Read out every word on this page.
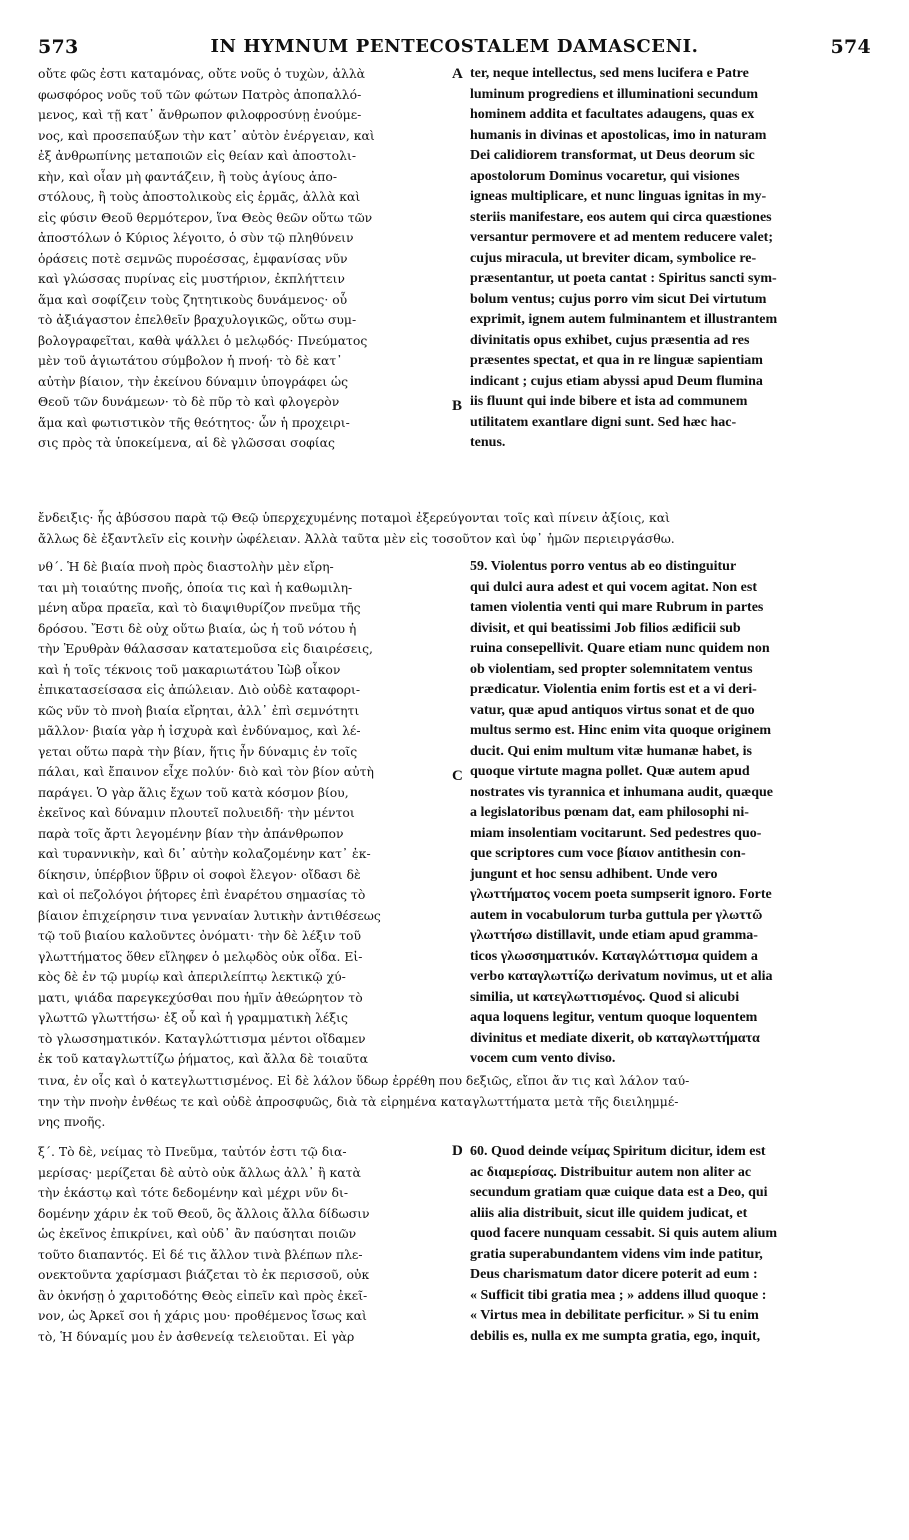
573	IN HYMNUM PENTECOSTALEM DAMASCENI.	574
οὔτε φῶς ἐστι καταμόνας, οὔτε νοῦς ὁ τυχὼν, ἀλλὰ
φωσφόρος νοῦς τοῦ τῶν φώτων Πατρὸς ἀποπαλλό-
μενος, καὶ τῇ κατ᾽ ἄνθρωπον φιλοφροσύνῃ ἐνούμε-
νος, καὶ προσεπαύξων τὴν κατ᾽ αὐτὸν ἐνέργειαν, καὶ
ἐξ ἀνθρωπίνης μεταποιῶν εἰς θείαν καὶ ἀποστολι-
κὴν, καὶ οἷαν μὴ φαντάζειν, ἢ τοὺς ἁγίους ἀπο-
στόλους, ἢ τοὺς ἀποστολικοὺς εἰς ἑρμᾶς, ἀλλὰ καὶ
εἰς φύσιν Θεοῦ θερμότερον, ἵνα Θεὸς θεῶν οὕτω τῶν
ἀποστόλων ὁ Κύριος λέγοιτο, ὁ σὺν τῷ πληθύνειν
ὁράσεις ποτὲ σεμνῶς πυροέσσας, ἐμφανίσας νῦν
καὶ γλώσσας πυρίνας εἰς μυστήριον, ἐκπλήττειν
ἅμα καὶ σοφίζειν τοὺς ζητητικοὺς δυνάμενος· οὗ
τὸ ἀξιάγαστον ἐπελθεῖν βραχυλογικῶς, οὕτω συμ-
βολογραφεῖται, καθὰ ψάλλει ὁ μελῳδός· Πνεύματος
μὲν τοῦ ἁγιωτάτου σύμβολον ἡ πνοή· τὸ δὲ κατ᾽
αὐτὴν βίαιον, τὴν ἐκείνου δύναμιν ὑπογράφει ὡς
Θεοῦ τῶν δυνάμεων· τὸ δὲ πῦρ τὸ καὶ φλογερὸν
ἅμα καὶ φωτιστικὸν τῆς θεότητος· ὧν ἡ προχειρι-
σις πρὸς τὰ ὑποκείμενα, αἱ δὲ γλῶσσαι σοφίας
ter, neque intellectus, sed mens lucifera e Patre
luminum progrediens et illuminationi secundum
hominem addita et facultates adaugens, quas ex
humanis in divinas et apostolicas, imo in naturam
Dei calidiorem transformat, ut Deus deorum sic
apostolorum Dominus vocaretur, qui visiones
igneas multiplicare, et nunc linguas ignitas in my-
steriis manifestare, eos autem qui circa quæstiones
versantur permovere et ad mentem reducere valet;
cujus miracula, ut breviter dicam, symbolice re-
præsentantur, ut poeta cantat : Spiritus sancti sym-
bolum ventus; cujus porro vim sicut Dei virtutum
exprimit, ignem autem fulminantem et illustrantem
divinitatis opus exhibet, cujus præsentia ad res
præsentes spectat, et qua in re linguæ sapientiam
indicant ; cujus etiam abyssi apud Deum flumina
iis fluunt qui inde bibere et ista ad communem
utilitatem exantlare digni sunt. Sed hæc hac-
tenus.
ἔνδειξις· ἧς ἀβύσσου παρὰ τῷ Θεῷ ὑπερχεχυμένης ποταμοὶ ἐξερεύγονται τοῖς καὶ πίνειν ἀξίοις, καὶ
ἄλλως δὲ ἐξαντλεῖν εἰς κοινὴν ὠφέλειαν. Ἀλλὰ ταῦτα μὲν εἰς τοσοῦτον καὶ ὑφ᾽ ἡμῶν περιειργάσθω.
νθ΄. Ἡ δὲ βιαία πνοὴ πρὸς διαστολὴν μὲν εἴρη-
ται μὴ τοιαύτης πνοῆς, ὁποία τις καὶ ἡ καθωμιλη-
μένη αὔρα πραεῖα, καὶ τὸ διαψιθυρίζον πνεῦμα τῆς
δρόσου. Ἔστι δὲ οὐχ οὕτω βιαία, ὡς ἡ τοῦ νότου ἡ
τὴν Ἐρυθρὰν θάλασσαν κατατεμοῦσα εἰς διαιρέσεις,
καὶ ἡ τοῖς τέκνοις τοῦ μακαριωτάτου Ἰὼβ οἶκον
ἐπικατασείσασα εἰς ἀπώλειαν. Διὸ οὐδὲ καταφορι-
κῶς νῦν τὸ πνοὴ βιαία εἴρηται, ἀλλ᾽ ἐπὶ σεμνότητι
μᾶλλον· βιαία γὰρ ἡ ἰσχυρὰ καὶ ἐνδύναμος, καὶ λέ-
γεται οὕτω παρὰ τὴν βίαν, ἥτις ἦν δύναμις ἐν τοῖς
πάλαι, καὶ ἔπαινον εἶχε πολύν· διὸ καὶ τὸν βίον αὐτὴ
παράγει. Ὁ γὰρ ἅλις ἔχων τοῦ κατὰ κόσμον βίου,
ἐκεῖνος καὶ δύναμιν πλουτεῖ πολυειδῆ· τὴν μέντοι
παρὰ τοῖς ἄρτι λεγομένην βίαν τὴν ἀπάνθρωπον
καὶ τυραννικὴν, καὶ δι᾽ αὐτὴν κολαζομένην κατ᾽ ἐκ-
δίκησιν, ὑπέρβιον ὕβριν οἱ σοφοὶ ἔλεγον· οἴδασι δὲ
καὶ οἱ πεζολόγοι ῥήτορες ἐπὶ ἐναρέτου σημασίας τὸ
βίαιον ἐπιχείρησιν τινα γενναίαν λυτικὴν ἀντιθέσεως
τῷ τοῦ βιαίου καλοῦντες ὀνόματι· τὴν δὲ λέξιν τοῦ
γλωττήματος ὅθεν εἴληφεν ὁ μελῳδὸς οὐκ οἶδα. Εἰ-
κὸς δὲ ἐν τῷ μυρίῳ καὶ ἀπεριλείπτῳ λεκτικῷ χύ-
ματι, ψιάδα παρεγκεχύσθαι που ἡμῖν ἀθεώρητον τὸ
γλωττῶ γλωττήσω· ἐξ οὗ καὶ ἡ γραμματικὴ λέξις
τὸ γλωσσηματικόν. Καταγλώττισμα μέντοι οἴδαμεν
ἐκ τοῦ καταγλωττίζω ῥήματος, καὶ ἄλλα δὲ τοιαῦτα
59. Violentus porro ventus ab eo distinguitur
qui dulci aura adest et qui vocem agitat. Non est
tamen violentia venti qui mare Rubrum in partes
divisit, et qui beatissimi Job filios ædificii sub
ruina consepellivit. Quare etiam nunc quidem non
ob violentiam, sed propter solemnitatem ventus
prædicatur. Violentia enim fortis est et a vi deri-
vatur, quæ apud antiquos virtus sonat et de quo
multus sermo est. Hinc enim vita quoque originem
ducit. Qui enim multum vitæ humanæ habet, is
quoque virtute magna pollet. Quæ autem apud
nostrates vis tyrannica et inhumana audit, quæque
a legislatoribus pœnam dat, eam philosophi ni-
miam insolentiam vocitarunt. Sed pedestres quo-
que scriptores cum voce βίαιον antithesin con-
jungunt et hoc sensu adhibent. Unde vero
γλωττήματος vocem poeta sumpserit ignoro. Forte
autem in vocabulorum turba guttula per γλωττῶ
γλωττήσω distillavit, unde etiam apud gramma-
ticos γλωσσηματικόν. Καταγλώττισμα quidem a
verbo καταγλωττίζω derivatum novimus, ut et alia
similia, ut κατεγλωττισμένος. Quod si alicubi
aqua loquens legitur, ventum quoque loquentem
divinitus et mediate dixerit, ob καταγλωττήματα
vocem cum vento diviso.
τινα, ἐν οἷς καὶ ὁ κατεγλωττισμένος. Εἰ δὲ λάλον ὕδωρ ἐρρέθη που δεξιῶς, εἴποι ἄν τις καὶ λάλον ταύ-
την τὴν πνοὴν ἐνθέως τε καὶ οὐδὲ ἀπροσφυῶς, διὰ τὰ εἰρημένα καταγλωττήματα μετὰ τῆς διειλημμέ-
νης πνοῆς.
ξ΄. Τὸ δὲ, νείμας τὸ Πνεῦμα, ταὐτόν ἐστι τῷ δια-
μερίσας· μερίζεται δὲ αὐτὸ οὐκ ἄλλως ἀλλ᾽ ἢ κατὰ
τὴν ἑκάστῳ καὶ τότε δεδομένην καὶ μέχρι νῦν δι-
δομένην χάριν ἐκ τοῦ Θεοῦ, ὃς ἄλλοις ἄλλα δίδωσιν
ὡς ἐκεῖνος ἐπικρίνει, καὶ οὐδ᾽ ἂν παύσηται ποιῶν
τοῦτο διαπαντός. Εἰ δέ τις ἄλλον τινὰ βλέπων πλε-
ονεκτοῦντα χαρίσμασι βιάζεται τὸ ἐκ περισσοῦ, οὐκ
ἂν ὀκνήσῃ ὁ χαριτοδότης Θεὸς εἰπεῖν καὶ πρὸς ἐκεῖ-
νον, ὡς Ἀρκεῖ σοι ἡ χάρις μου· προθέμενος ἴσως καὶ
τὸ, Ἡ δύναμίς μου ἐν ἀσθενείᾳ τελειοῦται. Εἰ γὰρ
60. Quod deinde νείμας Spiritum dicitur, idem est
ac διαμερίσας. Distribuitur autem non aliter ac
secundum gratiam quæ cuique data est a Deo, qui
aliis alia distribuit, sicut ille quidem judicat, et
quod facere nunquam cessabit. Si quis autem alium
gratia superabundantem videns vim inde patitur,
Deus charismatum dator dicere poterit ad eum :
« Sufficit tibi gratia mea ; » addens illud quoque :
« Virtus mea in debilitate perficitur. » Si tu enim
debilis es, nulla ex me sumpta gratia, ego, inquit,
A
B
C
D
